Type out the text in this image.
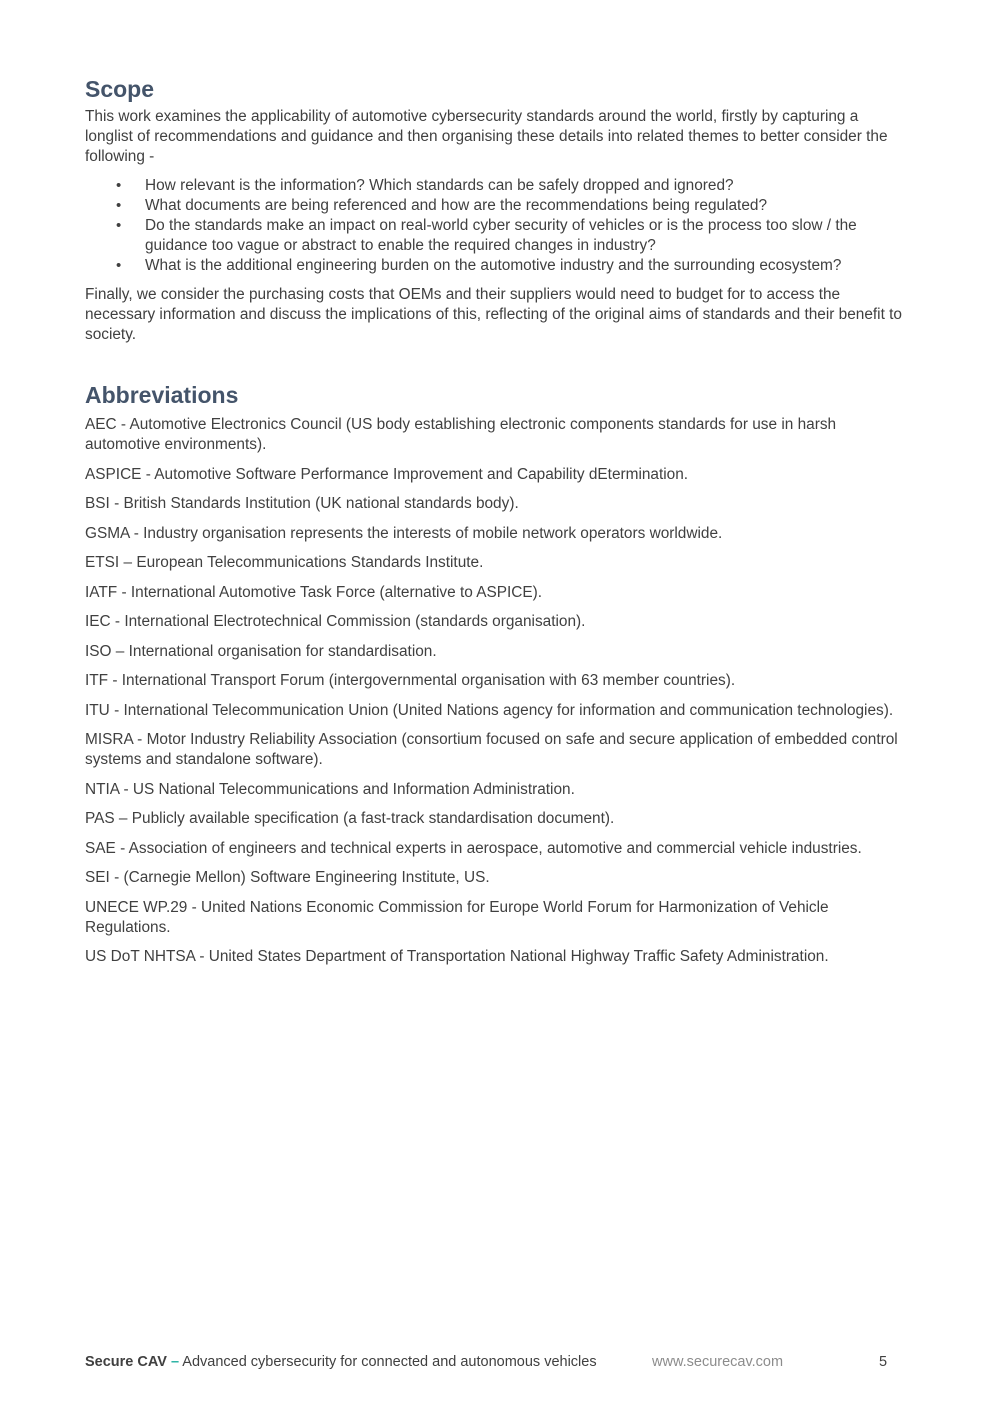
Scope

This work examines the applicability of automotive cybersecurity standards around the world, firstly by capturing a longlist of recommendations and guidance and then organising these details into related themes to better consider the following -

• How relevant is the information? Which standards can be safely dropped and ignored?
• What documents are being referenced and how are the recommendations being regulated?
• Do the standards make an impact on real-world cyber security of vehicles or is the process too slow / the guidance too vague or abstract to enable the required changes in industry?
• What is the additional engineering burden on the automotive industry and the surrounding ecosystem?

Finally, we consider the purchasing costs that OEMs and their suppliers would need to budget for to access the necessary information and discuss the implications of this, reflecting of the original aims of standards and their benefit to society.

Abbreviations

AEC - Automotive Electronics Council (US body establishing electronic components standards for use in harsh automotive environments).

ASPICE - Automotive Software Performance Improvement and Capability dEtermination.

BSI - British Standards Institution (UK national standards body).

GSMA - Industry organisation represents the interests of mobile network operators worldwide.

ETSI – European Telecommunications Standards Institute.

IATF - International Automotive Task Force (alternative to ASPICE).

IEC - International Electrotechnical Commission (standards organisation).

ISO – International organisation for standardisation.

ITF - International Transport Forum (intergovernmental organisation with 63 member countries).

ITU - International Telecommunication Union (United Nations agency for information and communication technologies).

MISRA - Motor Industry Reliability Association (consortium focused on safe and secure application of embedded control systems and standalone software).

NTIA - US National Telecommunications and Information Administration.

PAS – Publicly available specification (a fast-track standardisation document).

SAE - Association of engineers and technical experts in aerospace, automotive and commercial vehicle industries.

SEI - (Carnegie Mellon) Software Engineering Institute, US.

UNECE WP.29 - United Nations Economic Commission for Europe World Forum for Harmonization of Vehicle Regulations.

US DoT NHTSA - United States Department of Transportation National Highway Traffic Safety Administration.

Secure CAV – Advanced cybersecurity for connected and autonomous vehicles	www.securecav.com	5
